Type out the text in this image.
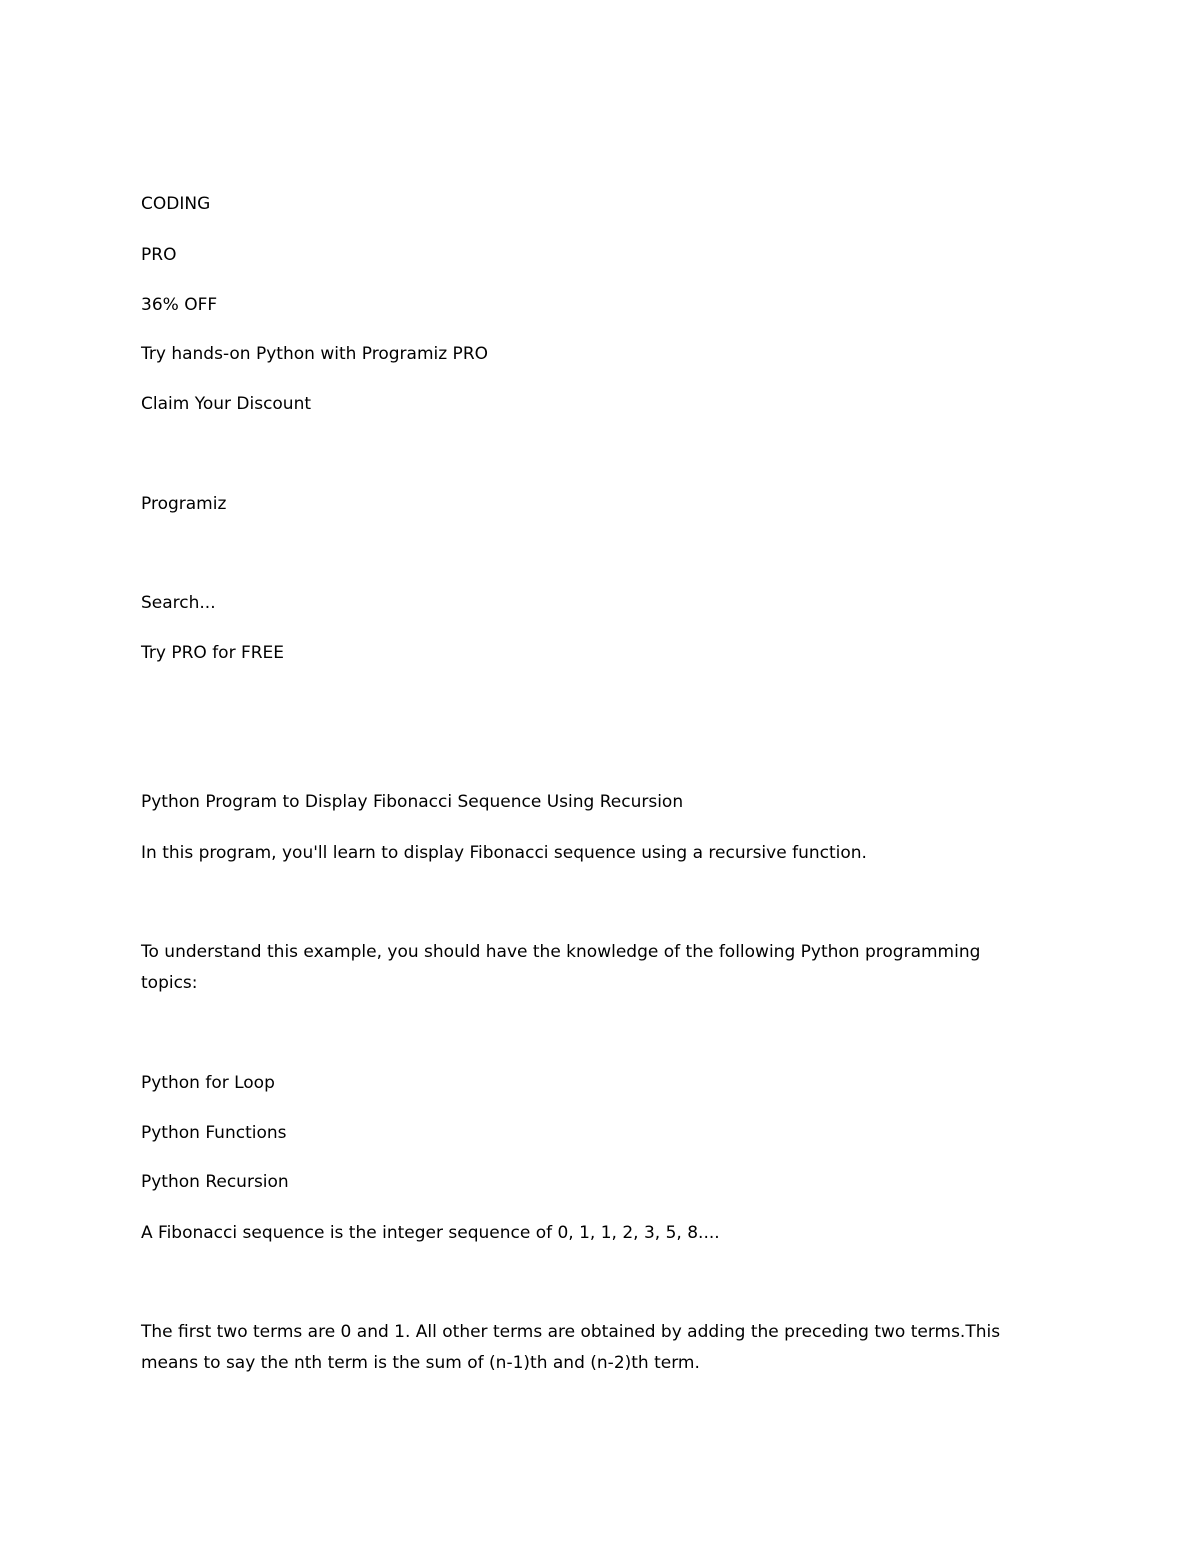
CODING

PRO

36% OFF

Try hands-on Python with Programiz PRO

Claim Your Discount

Programiz

Search...

Try PRO for FREE

Python Program to Display Fibonacci Sequence Using Recursion

In this program, you'll learn to display Fibonacci sequence using a recursive function.

To understand this example, you should have the knowledge of the following Python programming topics:

Python for Loop

Python Functions

Python Recursion

A Fibonacci sequence is the integer sequence of 0, 1, 1, 2, 3, 5, 8....

The first two terms are 0 and 1. All other terms are obtained by adding the preceding two terms.This means to say the nth term is the sum of (n-1)th and (n-2)th term.
